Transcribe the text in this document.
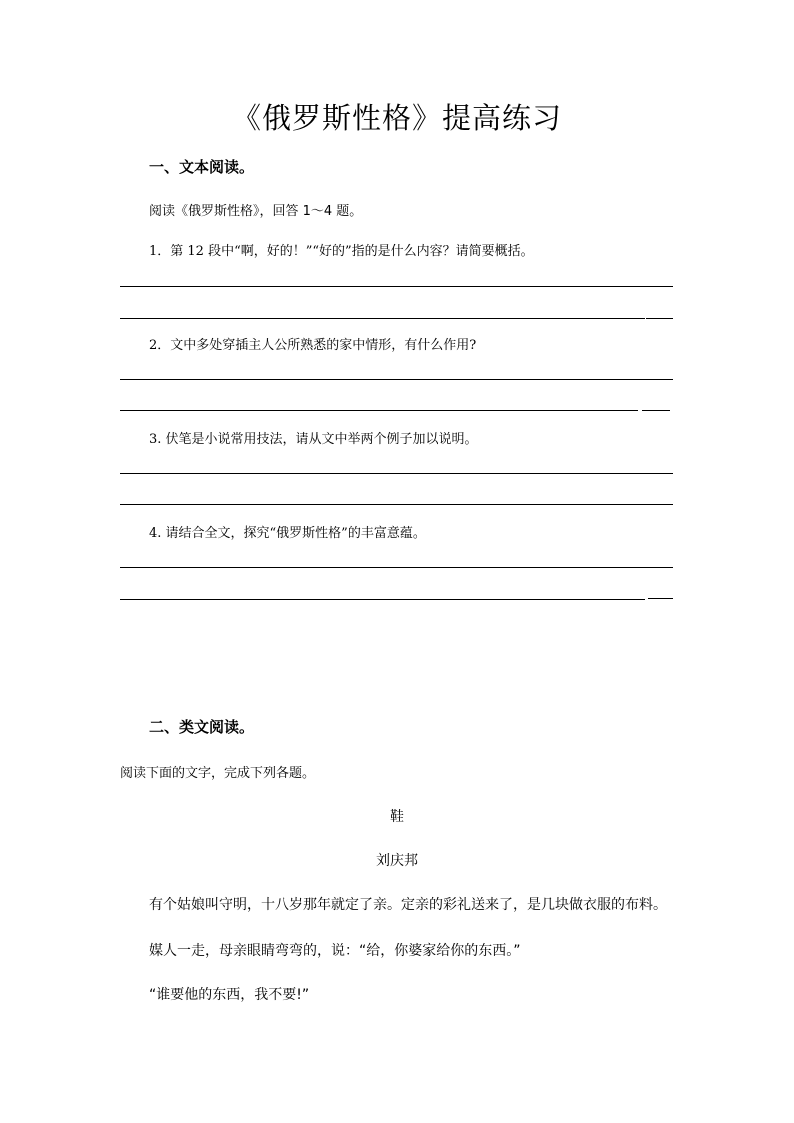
《俄罗斯性格》提高练习
一、文本阅读。
阅读《俄罗斯性格》，回答 1～4 题。
1．第 12 段中“啊，好的！”“好的”指的是什么内容？请简要概括。
2．文中多处穿插主人公所熟悉的家中情形，有什么作用?
3. 伏笔是小说常用技法，请从文中举两个例子加以说明。
4. 请结合全文，探究“俄罗斯性格”的丰富意蕴。
二、类文阅读。
阅读下面的文字，完成下列各题。
鞋
刘庆邦
有个姑娘叫守明，十八岁那年就定了亲。定亲的彩礼送来了，是几块做衣服的布料。
媒人一走，母亲眼睛弯弯的，说：“给，你婆家给你的东西。”
“谁要他的东西，我不要!”
